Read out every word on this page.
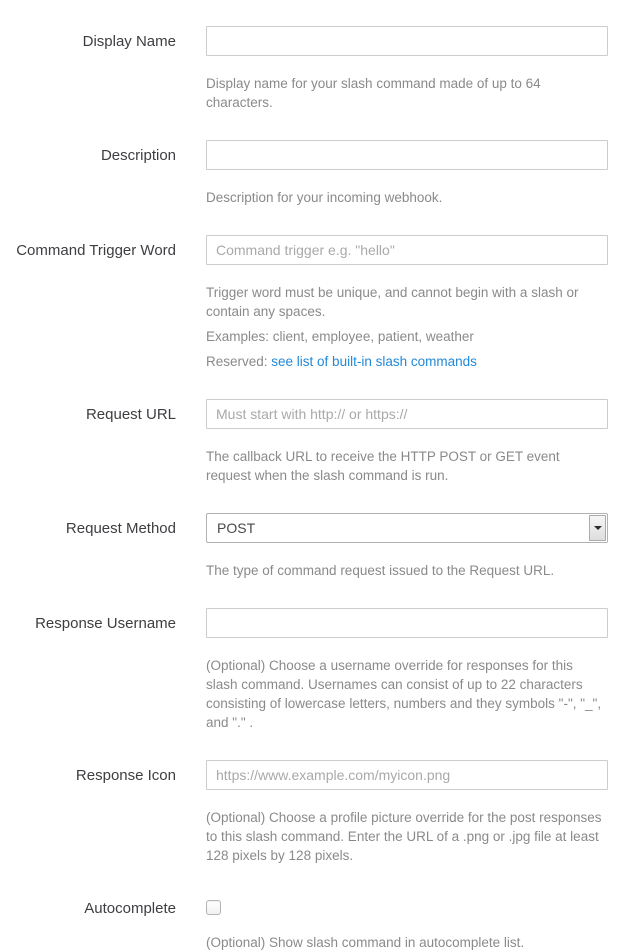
Display Name

Display name for your slash command made of up to 64 characters.

Description

Description for your incoming webhook.

Command Trigger Word
Command trigger e.g. "hello"

Trigger word must be unique, and cannot begin with a slash or contain any spaces.

Examples: client, employee, patient, weather

Reserved: see list of built-in slash commands

Request URL
Must start with http:// or https://

The callback URL to receive the HTTP POST or GET event request when the slash command is run.

Request Method	POST

The type of command request issued to the Request URL.

Response Username

(Optional) Choose a username override for responses for this slash command. Usernames can consist of up to 22 characters consisting of lowercase letters, numbers and they symbols "-", "_", and "." .

Response Icon
https://www.example.com/myicon.png

(Optional) Choose a profile picture override for the post responses to this slash command. Enter the URL of a .png or .jpg file at least 128 pixels by 128 pixels.

Autocomplete

(Optional) Show slash command in autocomplete list.
